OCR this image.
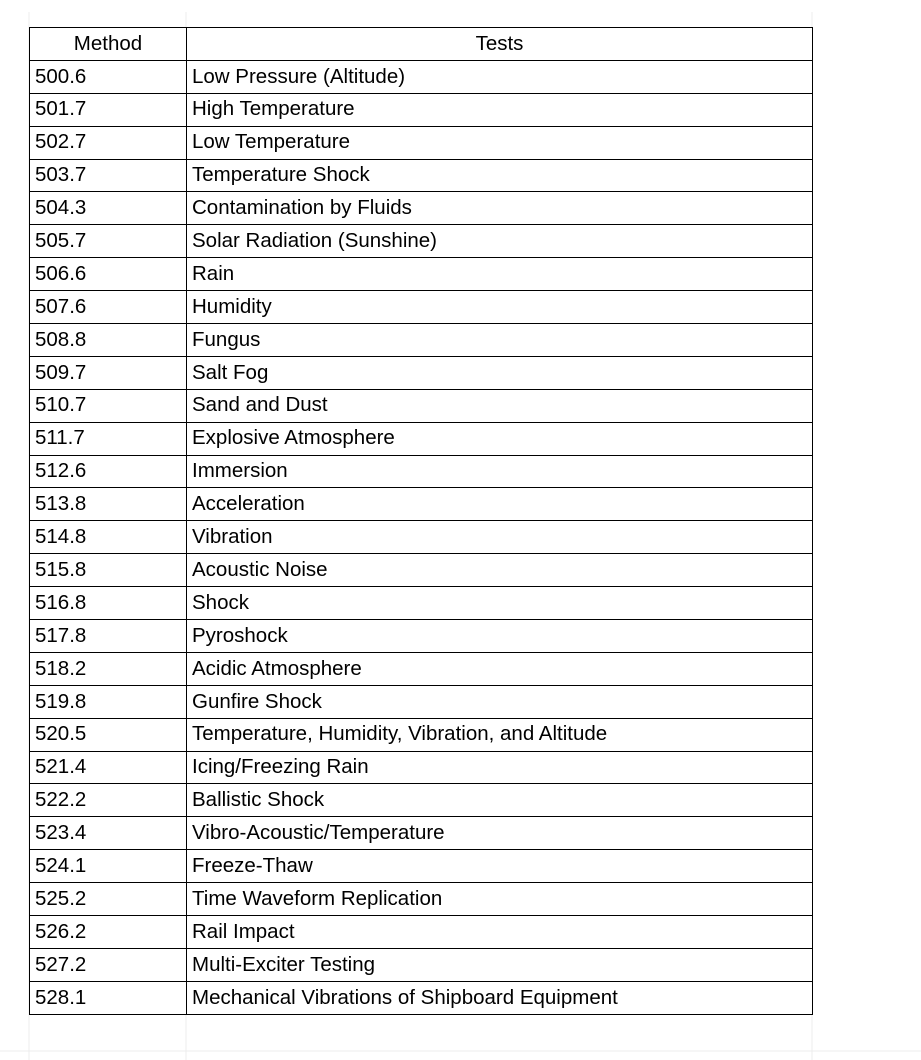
Method	Tests
500.6	Low Pressure (Altitude)
501.7	High Temperature
502.7	Low Temperature
503.7	Temperature Shock
504.3	Contamination by Fluids
505.7	Solar Radiation (Sunshine)
506.6	Rain
507.6	Humidity
508.8	Fungus
509.7	Salt Fog
510.7	Sand and Dust
511.7	Explosive Atmosphere
512.6	Immersion
513.8	Acceleration
514.8	Vibration
515.8	Acoustic Noise
516.8	Shock
517.8	Pyroshock
518.2	Acidic Atmosphere
519.8	Gunfire Shock
520.5	Temperature, Humidity, Vibration, and Altitude
521.4	Icing/Freezing Rain
522.2	Ballistic Shock
523.4	Vibro-Acoustic/Temperature
524.1	Freeze-Thaw
525.2	Time Waveform Replication
526.2	Rail Impact
527.2	Multi-Exciter Testing
528.1	Mechanical Vibrations of Shipboard Equipment
